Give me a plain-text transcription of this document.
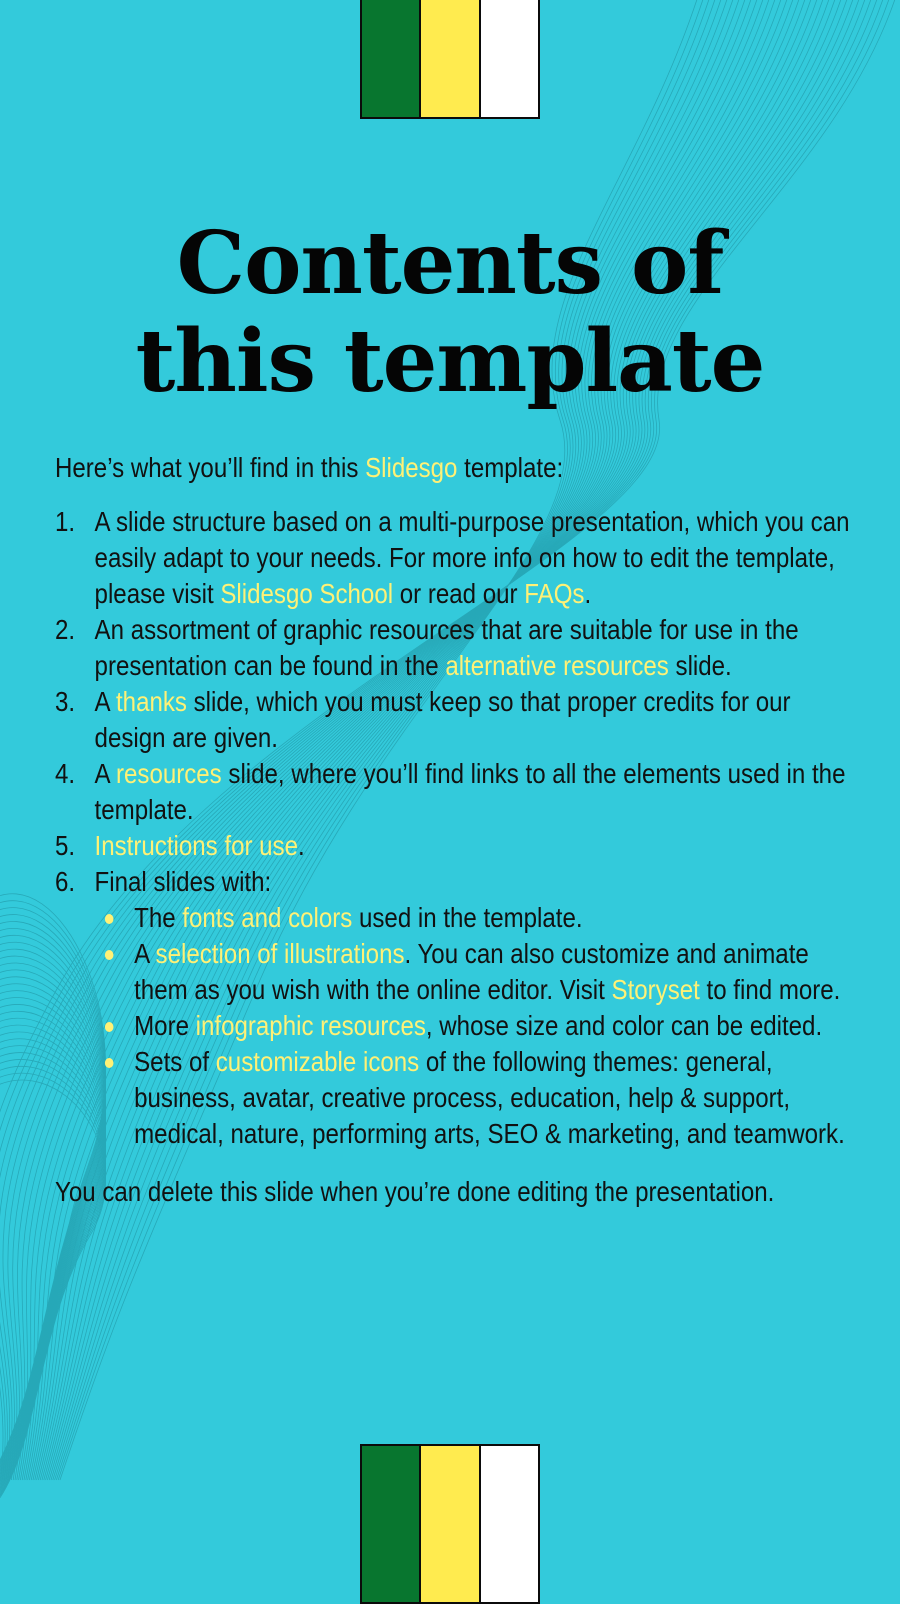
Contents of
this template

Here’s what you’ll find in this Slidesgo template:

1. A slide structure based on a multi-purpose presentation, which you can easily adapt to your needs. For more info on how to edit the template, please visit Slidesgo School or read our FAQs.
2. An assortment of graphic resources that are suitable for use in the presentation can be found in the alternative resources slide.
3. A thanks slide, which you must keep so that proper credits for our design are given.
4. A resources slide, where you’ll find links to all the elements used in the template.
5. Instructions for use.
6. Final slides with:
The fonts and colors used in the template.
A selection of illustrations. You can also customize and animate them as you wish with the online editor. Visit Storyset to find more.
More infographic resources, whose size and color can be edited.
Sets of customizable icons of the following themes: general, business, avatar, creative process, education, help & support, medical, nature, performing arts, SEO & marketing, and teamwork.

You can delete this slide when you’re done editing the presentation.
